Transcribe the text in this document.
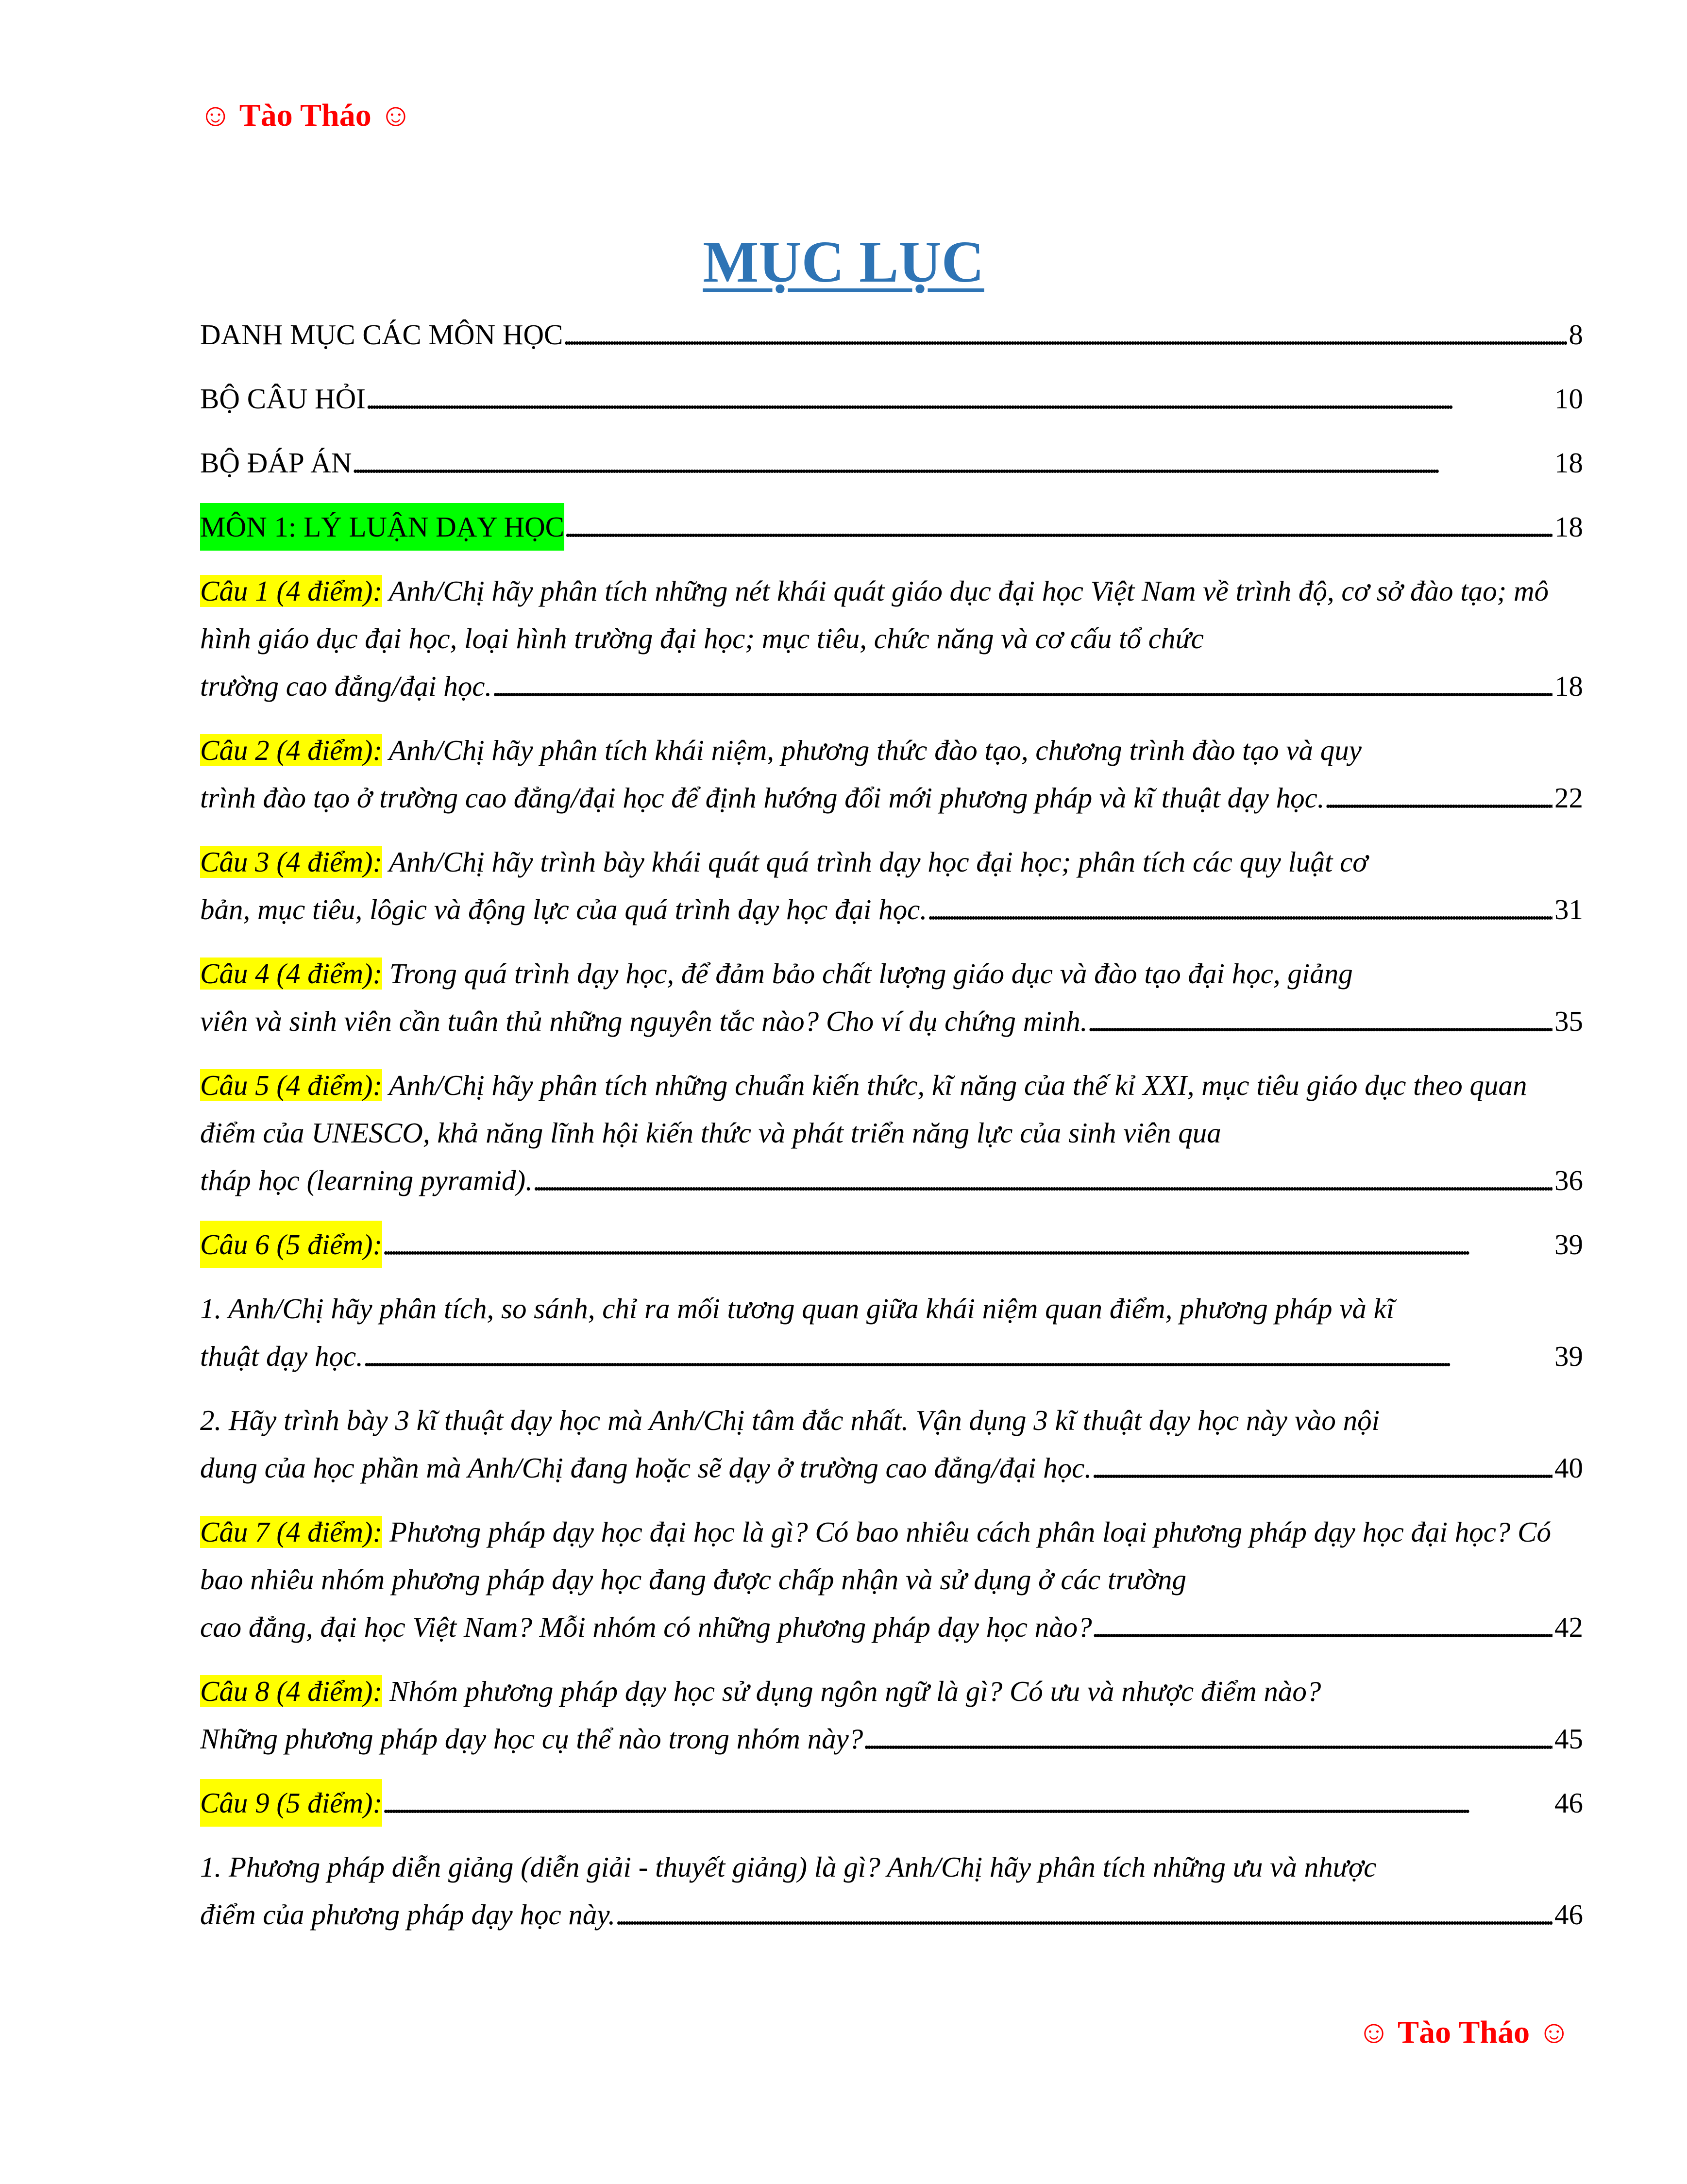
☺ Tào Tháo ☺
MỤC LỤC
DANH MỤC CÁC MÔN HỌC . . .	8
BỘ CÂU HỎI . . .	10
BỘ ĐÁP ÁN . . .	18
MÔN 1: LÝ LUẬN DẠY HỌC . . .	18
Câu 1 (4 điểm): Anh/Chị hãy phân tích những nét khái quát giáo dục đại học Việt Nam về trình độ, cơ sở đào tạo; mô hình giáo dục đại học, loại hình trường đại học; mục tiêu, chức năng và cơ cấu tổ chức
trường cao đẳng/đại học. . . .	18
Câu 2 (4 điểm): Anh/Chị hãy phân tích khái niệm, phương thức đào tạo, chương trình đào tạo và quy
trình đào tạo ở trường cao đẳng/đại học để định hướng đổi mới phương pháp và kĩ thuật dạy học. . . .	22
Câu 3 (4 điểm): Anh/Chị hãy trình bày khái quát quá trình dạy học đại học; phân tích các quy luật cơ
bản, mục tiêu, lôgic và động lực của quá trình dạy học đại học. . . .	31
Câu 4 (4 điểm): Trong quá trình dạy học, để đảm bảo chất lượng giáo dục và đào tạo đại học, giảng
viên và sinh viên cần tuân thủ những nguyên tắc nào? Cho ví dụ chứng minh. . . .	35
Câu 5 (4 điểm): Anh/Chị hãy phân tích những chuẩn kiến thức, kĩ năng của thế kỉ XXI, mục tiêu giáo dục theo quan điểm của UNESCO, khả năng lĩnh hội kiến thức và phát triển năng lực của sinh viên qua
tháp học (learning pyramid). . . .	36
Câu 6 (5 điểm): . . .	39
1. Anh/Chị hãy phân tích, so sánh, chỉ ra mối tương quan giữa khái niệm quan điểm, phương pháp và kĩ
thuật dạy học. . . .	39
2. Hãy trình bày 3 kĩ thuật dạy học mà Anh/Chị tâm đắc nhất. Vận dụng 3 kĩ thuật dạy học này vào nội
dung của học phần mà Anh/Chị đang hoặc sẽ dạy ở trường cao đẳng/đại học. . . .	40
Câu 7 (4 điểm): Phương pháp dạy học đại học là gì? Có bao nhiêu cách phân loại phương pháp dạy học đại học? Có bao nhiêu nhóm phương pháp dạy học đang được chấp nhận và sử dụng ở các trường
cao đẳng, đại học Việt Nam? Mỗi nhóm có những phương pháp dạy học nào? . . .	42
Câu 8 (4 điểm): Nhóm phương pháp dạy học sử dụng ngôn ngữ là gì? Có ưu và nhược điểm nào?
Những phương pháp dạy học cụ thể nào trong nhóm này? . . .	45
Câu 9 (5 điểm): . . .	46
1. Phương pháp diễn giảng (diễn giải - thuyết giảng) là gì? Anh/Chị hãy phân tích những ưu và nhược
điểm của phương pháp dạy học này. . . .	46
☺ Tào Tháo ☺
